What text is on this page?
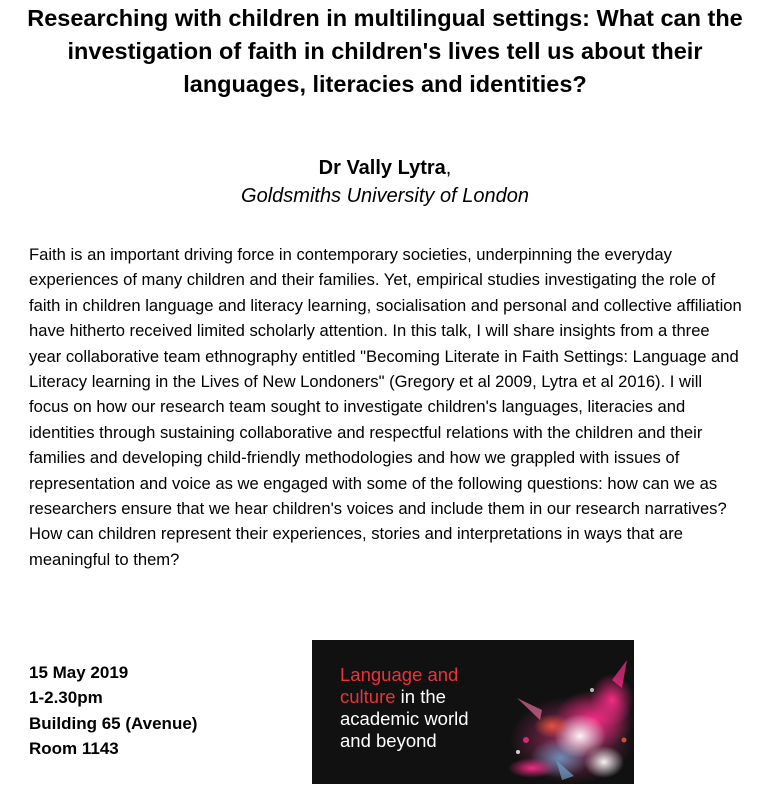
Researching with children in multilingual settings: What can the investigation of faith in children's lives tell us about their languages, literacies and identities?
Dr Vally Lytra,
Goldsmiths University of London

Faith is an important driving force in contemporary societies, underpinning the everyday experiences of many children and their families. Yet, empirical studies investigating the role of faith in children language and literacy learning, socialisation and personal and collective affiliation have hitherto received limited scholarly attention. In this talk, I will share insights from a three year collaborative team ethnography entitled "Becoming Literate in Faith Settings: Language and Literacy learning in the Lives of New Londoners" (Gregory et al 2009, Lytra et al 2016). I will focus on how our research team sought to investigate children's languages, literacies and identities through sustaining collaborative and respectful relations with the children and their families and developing child-friendly methodologies and how we grappled with issues of representation and voice as we engaged with some of the following questions: how can we as researchers ensure that we hear children's voices and include them in our research narratives? How can children represent their experiences, stories and interpretations in ways that are meaningful to them?

15 May 2019
1-2.30pm
Building 65 (Avenue)
Room 1143

Language and
culture in the
academic world
and beyond
